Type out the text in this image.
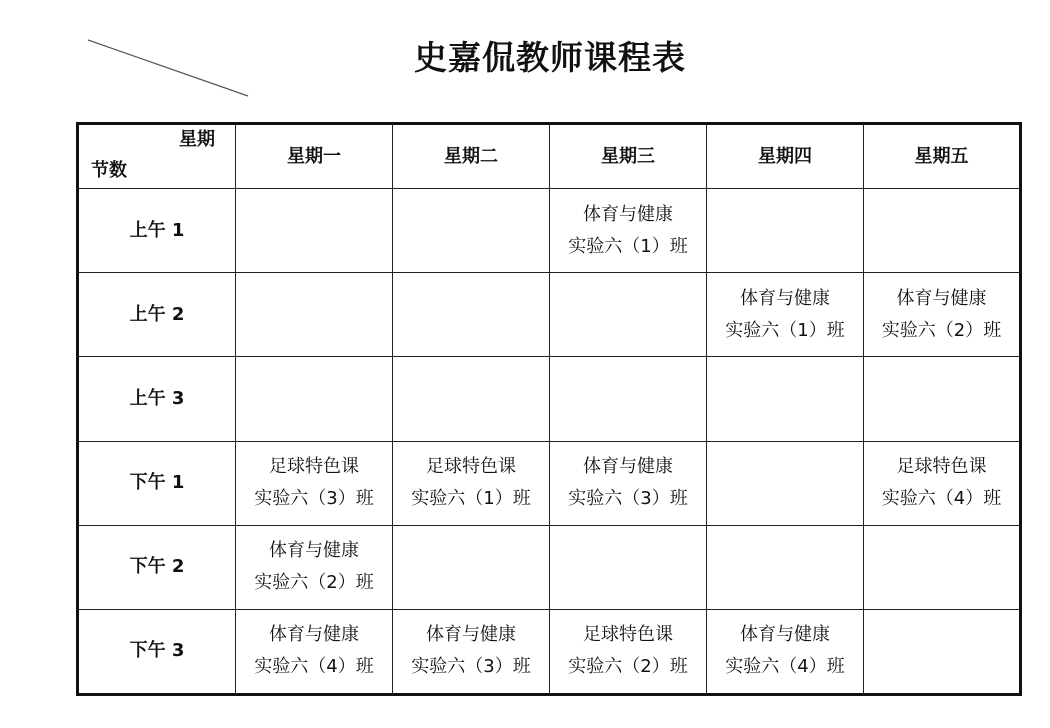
史嘉侃教师课程表
星期
节数	星期一	星期二	星期三	星期四	星期五
上午 1			体育与健康
实验六（1）班		

上午 2				体育与健康
实验六（1）班	体育与健康
实验六（2）班

上午 3					
下午 1	足球特色课
实验六（3）班	足球特色课
实验六（1）班	体育与健康
实验六（3）班		足球特色课
实验六（4）班

下午 2	体育与健康
实验六（2）班				

下午 3	体育与健康
实验六（4）班	体育与健康
实验六（3）班	足球特色课
实验六（2）班	体育与健康
实验六（4）班	
